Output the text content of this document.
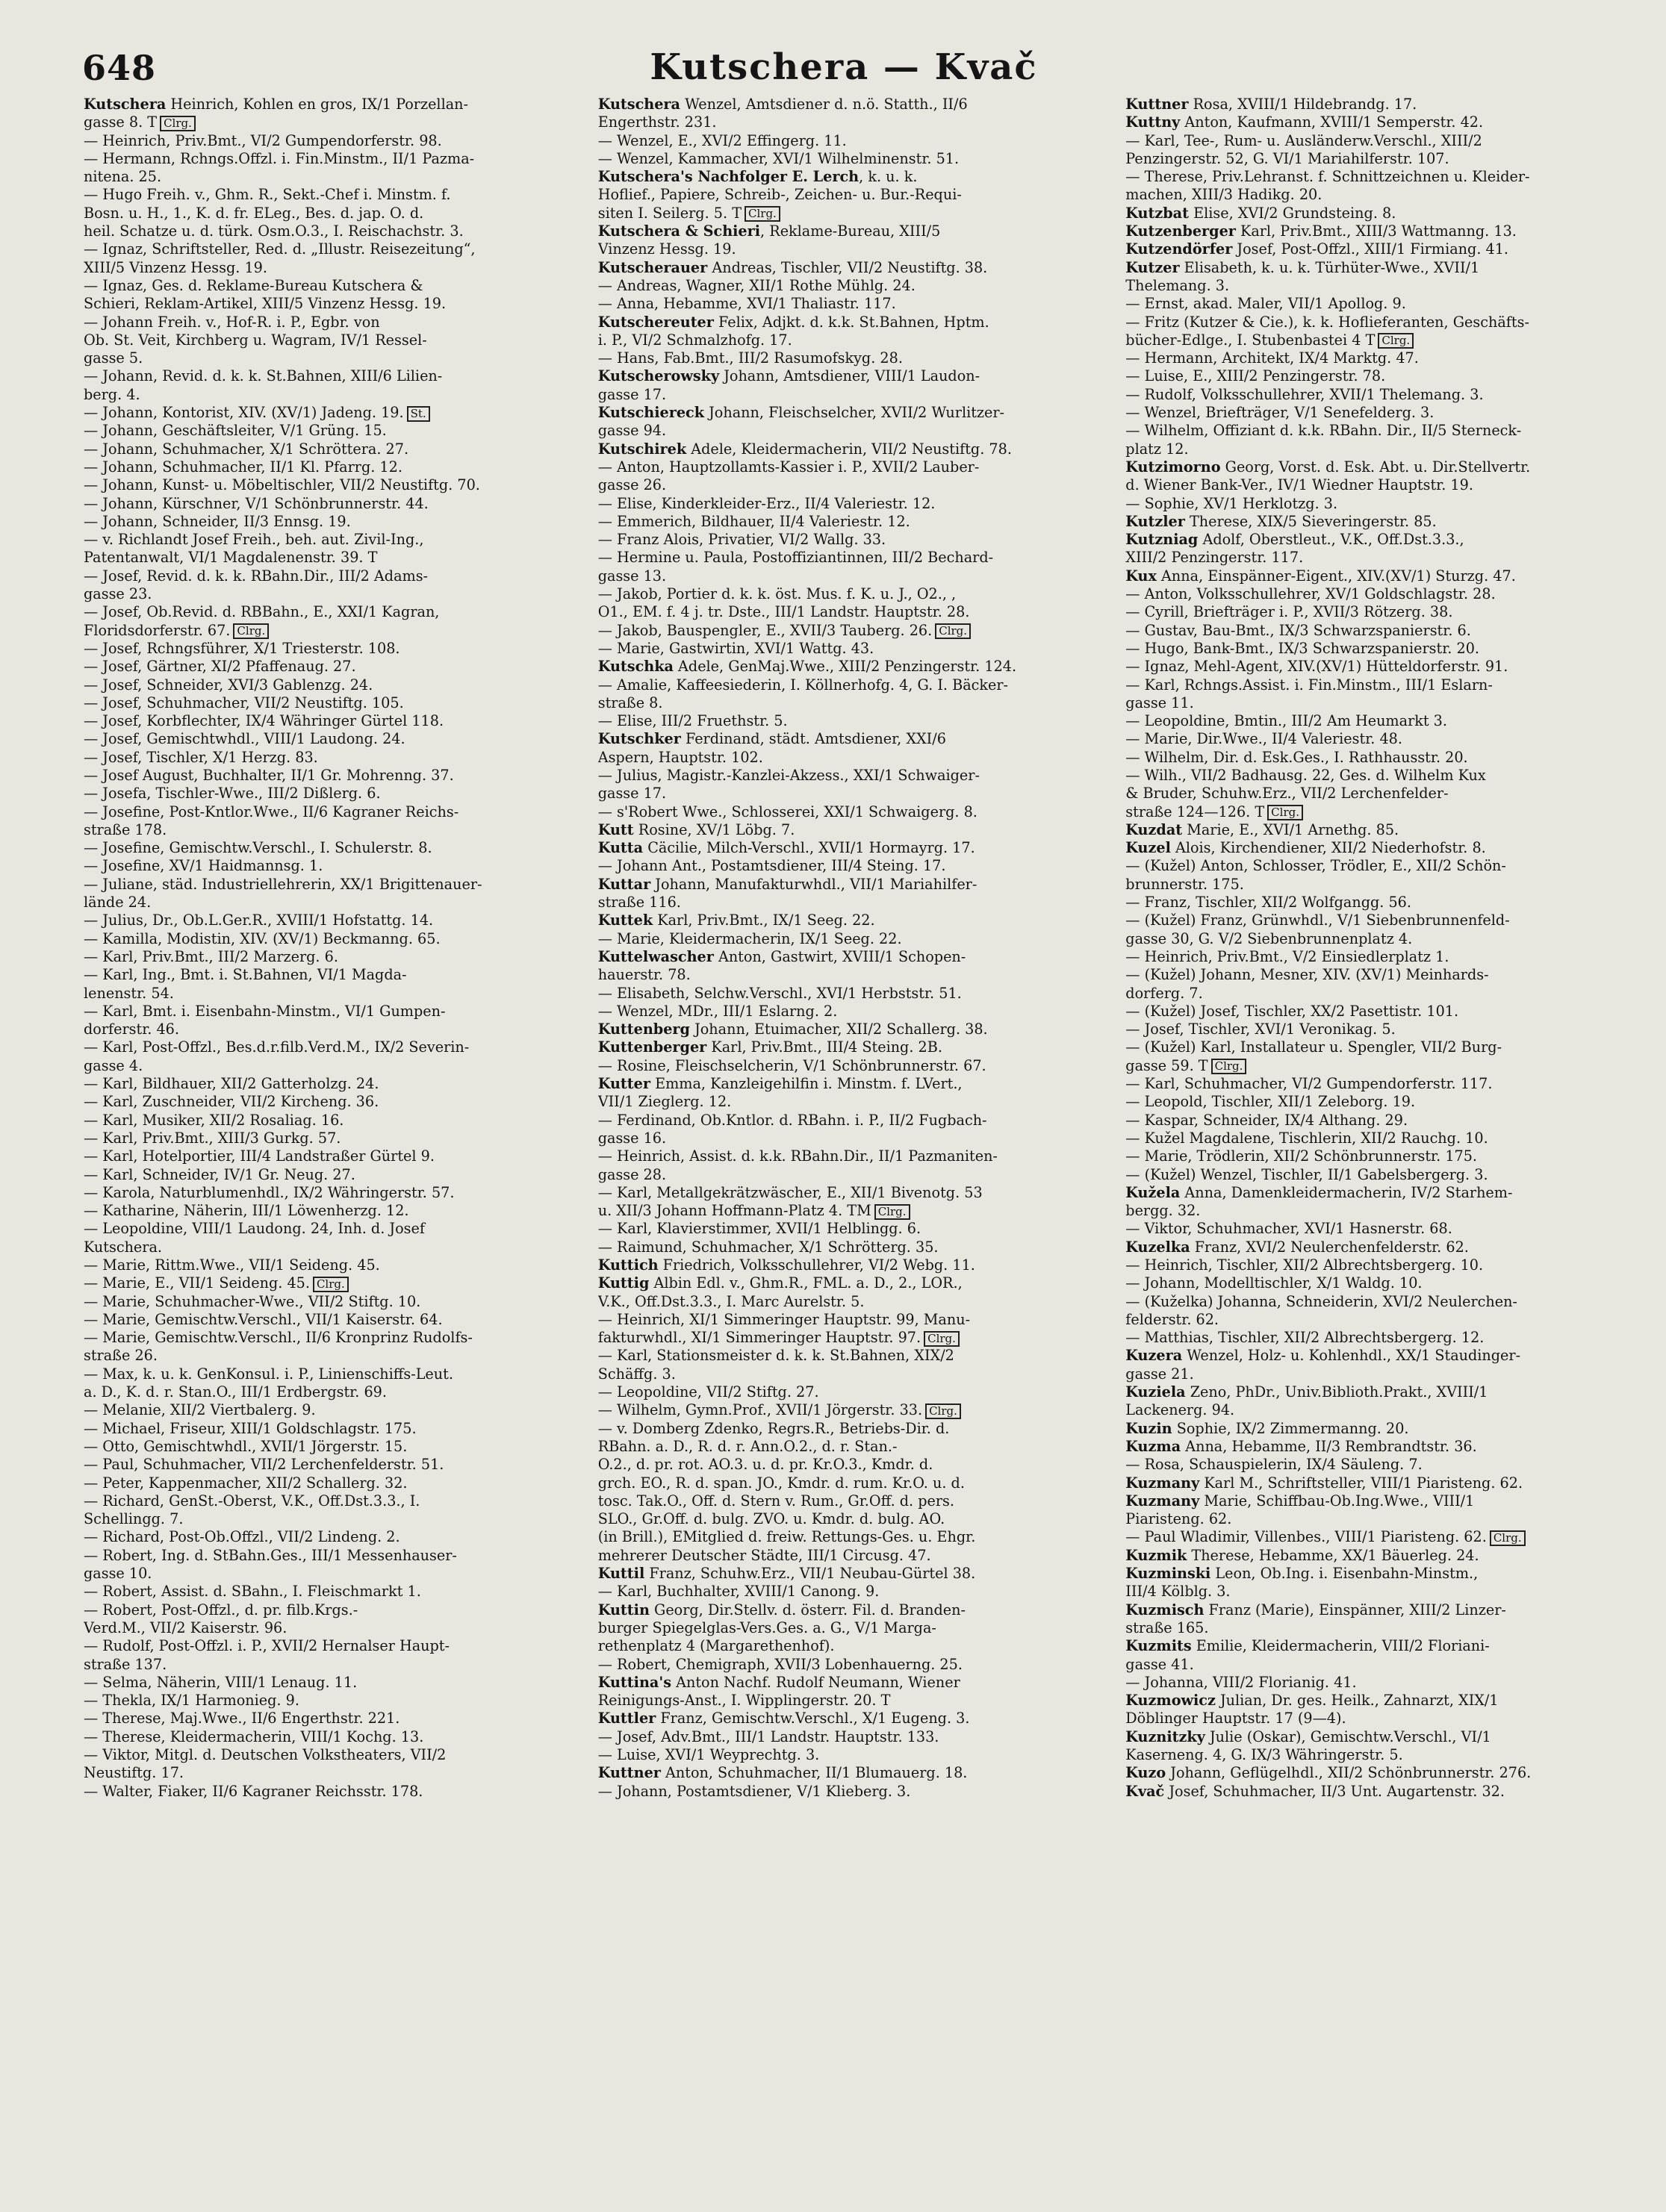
648	Kutschera — Kvač
Kutschera Heinrich, Kohlen en gros, IX/1 Porzellan-
gasse 8. T Clrg.
— Heinrich, Priv.Bmt., VI/2 Gumpendorferstr. 98.
— Hermann, Rchngs.Offzl. i. Fin.Minstm., II/1 Pazma-
nitena. 25.
— Hugo Freih. v., Ghm. R., Sekt.-Chef i. Minstm. f.
Bosn. u. H., 1., K. d. fr. ELeg., Bes. d. jap. O. d.
heil. Schatze u. d. türk. Osm.O.3., I. Reischachstr. 3.
— Ignaz, Schriftsteller, Red. d. „Illustr. Reisezeitung“,
XIII/5 Vinzenz Hessg. 19.
— Ignaz, Ges. d. Reklame-Bureau Kutschera &
Schieri, Reklam-Artikel, XIII/5 Vinzenz Hessg. 19.
— Johann Freih. v., Hof-R. i. P., Egbr. von
Ob. St. Veit, Kirchberg u. Wagram, IV/1 Ressel-
gasse 5.
— Johann, Revid. d. k. k. St.Bahnen, XIII/6 Lilien-
berg. 4.
— Johann, Kontorist, XIV. (XV/1) Jadeng. 19. St.
— Johann, Geschäftsleiter, V/1 Grüng. 15.
— Johann, Schuhmacher, X/1 Schröttera. 27.
— Johann, Schuhmacher, II/1 Kl. Pfarrg. 12.
— Johann, Kunst- u. Möbeltischler, VII/2 Neustiftg. 70.
— Johann, Kürschner, V/1 Schönbrunnerstr. 44.
— Johann, Schneider, II/3 Ennsg. 19.
— v. Richlandt Josef Freih., beh. aut. Zivil-Ing.,
Patentanwalt, VI/1 Magdalenenstr. 39. T
— Josef, Revid. d. k. k. RBahn.Dir., III/2 Adams-
gasse 23.
— Josef, Ob.Revid. d. RBBahn., E., XXI/1 Kagran,
Floridsdorferstr. 67. Clrg.
— Josef, Rchngsführer, X/1 Triesterstr. 108.
— Josef, Gärtner, XI/2 Pfaffenaug. 27.
— Josef, Schneider, XVI/3 Gablenzg. 24.
— Josef, Schuhmacher, VII/2 Neustiftg. 105.
— Josef, Korbflechter, IX/4 Währinger Gürtel 118.
— Josef, Gemischtwhdl., VIII/1 Laudong. 24.
— Josef, Tischler, X/1 Herzg. 83.
— Josef August, Buchhalter, II/1 Gr. Mohrenng. 37.
— Josefa, Tischler-Wwe., III/2 Dißlerg. 6.
— Josefine, Post-Kntlor.Wwe., II/6 Kagraner Reichs-
straße 178.
— Josefine, Gemischtw.Verschl., I. Schulerstr. 8.
— Josefine, XV/1 Haidmannsg. 1.
— Juliane, städ. Industriellehrerin, XX/1 Brigittenauer-
lände 24.
— Julius, Dr., Ob.L.Ger.R., XVIII/1 Hofstattg. 14.
— Kamilla, Modistin, XIV. (XV/1) Beckmanng. 65.
— Karl, Priv.Bmt., III/2 Marzerg. 6.
— Karl, Ing., Bmt. i. St.Bahnen, VI/1 Magda-
lenenstr. 54.
— Karl, Bmt. i. Eisenbahn-Minstm., VI/1 Gumpen-
dorferstr. 46.
— Karl, Post-Offzl., Bes.d.r.filb.Verd.M., IX/2 Severin-
gasse 4.
— Karl, Bildhauer, XII/2 Gatterholzg. 24.
— Karl, Zuschneider, VII/2 Kircheng. 36.
— Karl, Musiker, XII/2 Rosaliag. 16.
— Karl, Priv.Bmt., XIII/3 Gurkg. 57.
— Karl, Hotelportier, III/4 Landstraßer Gürtel 9.
— Karl, Schneider, IV/1 Gr. Neug. 27.
— Karola, Naturblumenhdl., IX/2 Währingerstr. 57.
— Katharine, Näherin, III/1 Löwenherzg. 12.
— Leopoldine, VIII/1 Laudong. 24, Inh. d. Josef
Kutschera.
— Marie, Rittm.Wwe., VII/1 Seideng. 45.
— Marie, E., VII/1 Seideng. 45. Clrg.
— Marie, Schuhmacher-Wwe., VII/2 Stiftg. 10.
— Marie, Gemischtw.Verschl., VII/1 Kaiserstr. 64.
— Marie, Gemischtw.Verschl., II/6 Kronprinz Rudolfs-
straße 26.
— Max, k. u. k. GenKonsul. i. P., Linienschiffs-Leut.
a. D., K. d. r. Stan.O., III/1 Erdbergstr. 69.
— Melanie, XII/2 Viertbalerg. 9.
— Michael, Friseur, XIII/1 Goldschlagstr. 175.
— Otto, Gemischtwhdl., XVII/1 Jörgerstr. 15.
— Paul, Schuhmacher, VII/2 Lerchenfelderstr. 51.
— Peter, Kappenmacher, XII/2 Schallerg. 32.
— Richard, GenSt.-Oberst, V.K., Off.Dst.3.3., I.
Schellingg. 7.
— Richard, Post-Ob.Offzl., VII/2 Lindeng. 2.
— Robert, Ing. d. StBahn.Ges., III/1 Messenhauser-
gasse 10.
— Robert, Assist. d. SBahn., I. Fleischmarkt 1.
— Robert, Post-Offzl., d. pr. filb.Krgs.-
Verd.M., VII/2 Kaiserstr. 96.
— Rudolf, Post-Offzl. i. P., XVII/2 Hernalser Haupt-
straße 137.
— Selma, Näherin, VIII/1 Lenaug. 11.
— Thekla, IX/1 Harmonieg. 9.
— Therese, Maj.Wwe., II/6 Engerthstr. 221.
— Therese, Kleidermacherin, VIII/1 Kochg. 13.
— Viktor, Mitgl. d. Deutschen Volkstheaters, VII/2
Neustiftg. 17.
— Walter, Fiaker, II/6 Kagraner Reichsstr. 178.
Kutschera Wenzel, Amtsdiener d. n.ö. Statth., II/6
Engerthstr. 231.
— Wenzel, E., XVI/2 Effingerg. 11.
— Wenzel, Kammacher, XVI/1 Wilhelminenstr. 51.
Kutschera's Nachfolger E. Lerch, k. u. k.
Hoflief., Papiere, Schreib-, Zeichen- u. Bur.-Requi-
siten I. Seilerg. 5. T Clrg.
Kutschera & Schieri, Reklame-Bureau, XIII/5
Vinzenz Hessg. 19.
Kutscherauer Andreas, Tischler, VII/2 Neustiftg. 38.
— Andreas, Wagner, XII/1 Rothe Mühlg. 24.
— Anna, Hebamme, XVI/1 Thaliastr. 117.
Kutschereuter Felix, Adjkt. d. k.k. St.Bahnen, Hptm.
i. P., VI/2 Schmalzhofg. 17.
— Hans, Fab.Bmt., III/2 Rasumofskyg. 28.
Kutscherowsky Johann, Amtsdiener, VIII/1 Laudon-
gasse 17.
Kutschiereck Johann, Fleischselcher, XVII/2 Wurlitzer-
gasse 94.
Kutschirek Adele, Kleidermacherin, VII/2 Neustiftg. 78.
— Anton, Hauptzollamts-Kassier i. P., XVII/2 Lauber-
gasse 26.
— Elise, Kinderkleider-Erz., II/4 Valeriestr. 12.
— Emmerich, Bildhauer, II/4 Valeriestr. 12.
— Franz Alois, Privatier, VI/2 Wallg. 33.
— Hermine u. Paula, Postoffiziantinnen, III/2 Bechard-
gasse 13.
— Jakob, Portier d. k. k. öst. Mus. f. K. u. J., O2., ,
O1., EM. f. 4 j. tr. Dste., III/1 Landstr. Hauptstr. 28.
— Jakob, Bauspengler, E., XVII/3 Tauberg. 26. Clrg.
— Marie, Gastwirtin, XVI/1 Wattg. 43.
Kutschka Adele, GenMaj.Wwe., XIII/2 Penzingerstr. 124.
— Amalie, Kaffeesiederin, I. Köllnerhofg. 4, G. I. Bäcker-
straße 8.
— Elise, III/2 Fruethstr. 5.
Kutschker Ferdinand, städt. Amtsdiener, XXI/6
Aspern, Hauptstr. 102.
— Julius, Magistr.-Kanzlei-Akzess., XXI/1 Schwaiger-
gasse 17.
— s'Robert Wwe., Schlosserei, XXI/1 Schwaigerg. 8.
Kutt Rosine, XV/1 Löbg. 7.
Kutta Cäcilie, Milch-Verschl., XVII/1 Hormayrg. 17.
— Johann Ant., Postamtsdiener, III/4 Steing. 17.
Kuttar Johann, Manufakturwhdl., VII/1 Mariahilfer-
straße 116.
Kuttek Karl, Priv.Bmt., IX/1 Seeg. 22.
— Marie, Kleidermacherin, IX/1 Seeg. 22.
Kuttelwascher Anton, Gastwirt, XVIII/1 Schopen-
hauerstr. 78.
— Elisabeth, Selchw.Verschl., XVI/1 Herbststr. 51.
— Wenzel, MDr., III/1 Eslarng. 2.
Kuttenberg Johann, Etuimacher, XII/2 Schallerg. 38.
Kuttenberger Karl, Priv.Bmt., III/4 Steing. 2B.
— Rosine, Fleischselcherin, V/1 Schönbrunnerstr. 67.
Kutter Emma, Kanzleigehilfin i. Minstm. f. LVert.,
VII/1 Zieglerg. 12.
— Ferdinand, Ob.Kntlor. d. RBahn. i. P., II/2 Fugbach-
gasse 16.
— Heinrich, Assist. d. k.k. RBahn.Dir., II/1 Pazmaniten-
gasse 28.
— Karl, Metallgekrätzwäscher, E., XII/1 Bivenotg. 53
u. XII/3 Johann Hoffmann-Platz 4. TM Clrg.
— Karl, Klavierstimmer, XVII/1 Helblingg. 6.
— Raimund, Schuhmacher, X/1 Schrötterg. 35.
Kuttich Friedrich, Volksschullehrer, VI/2 Webg. 11.
Kuttig Albin Edl. v., Ghm.R., FML. a. D., 2., LOR.,
V.K., Off.Dst.3.3., I. Marc Aurelstr. 5.
— Heinrich, XI/1 Simmeringer Hauptstr. 99, Manu-
fakturwhdl., XI/1 Simmeringer Hauptstr. 97. Clrg.
— Karl, Stationsmeister d. k. k. St.Bahnen, XIX/2
Schäffg. 3.
— Leopoldine, VII/2 Stiftg. 27.
— Wilhelm, Gymn.Prof., XVII/1 Jörgerstr. 33. Clrg.
— v. Domberg Zdenko, Regrs.R., Betriebs-Dir. d.
RBahn. a. D., R. d. r. Ann.O.2., d. r. Stan.-
O.2., d. pr. rot. AO.3. u. d. pr. Kr.O.3., Kmdr. d.
grch. EO., R. d. span. JO., Kmdr. d. rum. Kr.O. u. d.
tosc. Tak.O., Off. d. Stern v. Rum., Gr.Off. d. pers.
SLO., Gr.Off. d. bulg. ZVO. u. Kmdr. d. bulg. AO.
(in Brill.), EMitglied d. freiw. Rettungs-Ges. u. Ehgr.
mehrerer Deutscher Städte, III/1 Circusg. 47.
Kuttil Franz, Schuhw.Erz., VII/1 Neubau-Gürtel 38.
— Karl, Buchhalter, XVIII/1 Canong. 9.
Kuttin Georg, Dir.Stellv. d. österr. Fil. d. Branden-
burger Spiegelglas-Vers.Ges. a. G., V/1 Marga-
rethenplatz 4 (Margarethenhof).
— Robert, Chemigraph, XVII/3 Lobenhauerng. 25.
Kuttina's Anton Nachf. Rudolf Neumann, Wiener
Reinigungs-Anst., I. Wipplingerstr. 20. T
Kuttler Franz, Gemischtw.Verschl., X/1 Eugeng. 3.
— Josef, Adv.Bmt., III/1 Landstr. Hauptstr. 133.
— Luise, XVI/1 Weyprechtg. 3.
Kuttner Anton, Schuhmacher, II/1 Blumauerg. 18.
— Johann, Postamtsdiener, V/1 Klieberg. 3.
Kuttner Rosa, XVIII/1 Hildebrandg. 17.
Kuttny Anton, Kaufmann, XVIII/1 Semperstr. 42.
— Karl, Tee-, Rum- u. Ausländerw.Verschl., XIII/2
Penzingerstr. 52, G. VI/1 Mariahilferstr. 107.
— Therese, Priv.Lehranst. f. Schnittzeichnen u. Kleider-
machen, XIII/3 Hadikg. 20.
Kutzbat Elise, XVI/2 Grundsteing. 8.
Kutzenberger Karl, Priv.Bmt., XIII/3 Wattmanng. 13.
Kutzendörfer Josef, Post-Offzl., XIII/1 Firmiang. 41.
Kutzer Elisabeth, k. u. k. Türhüter-Wwe., XVII/1
Thelemang. 3.
— Ernst, akad. Maler, VII/1 Apollog. 9.
— Fritz (Kutzer & Cie.), k. k. Hoflieferanten, Geschäfts-
bücher-Edlge., I. Stubenbastei 4 T Clrg.
— Hermann, Architekt, IX/4 Marktg. 47.
— Luise, E., XIII/2 Penzingerstr. 78.
— Rudolf, Volksschullehrer, XVII/1 Thelemang. 3.
— Wenzel, Briefträger, V/1 Senefelderg. 3.
— Wilhelm, Offiziant d. k.k. RBahn. Dir., II/5 Sterneck-
platz 12.
Kutzimorno Georg, Vorst. d. Esk. Abt. u. Dir.Stellvertr.
d. Wiener Bank-Ver., IV/1 Wiedner Hauptstr. 19.
— Sophie, XV/1 Herklotzg. 3.
Kutzler Therese, XIX/5 Sieveringerstr. 85.
Kutzniag Adolf, Oberstleut., V.K., Off.Dst.3.3.,
XIII/2 Penzingerstr. 117.
Kux Anna, Einspänner-Eigent., XIV.(XV/1) Sturzg. 47.
— Anton, Volksschullehrer, XV/1 Goldschlagstr. 28.
— Cyrill, Briefträger i. P., XVII/3 Rötzerg. 38.
— Gustav, Bau-Bmt., IX/3 Schwarzspanierstr. 6.
— Hugo, Bank-Bmt., IX/3 Schwarzspanierstr. 20.
— Ignaz, Mehl-Agent, XIV.(XV/1) Hütteldorferstr. 91.
— Karl, Rchngs.Assist. i. Fin.Minstm., III/1 Eslarn-
gasse 11.
— Leopoldine, Bmtin., III/2 Am Heumarkt 3.
— Marie, Dir.Wwe., II/4 Valeriestr. 48.
— Wilhelm, Dir. d. Esk.Ges., I. Rathhausstr. 20.
— Wilh., VII/2 Badhausg. 22, Ges. d. Wilhelm Kux
& Bruder, Schuhw.Erz., VII/2 Lerchenfelder-
straße 124—126. T Clrg.
Kuzdat Marie, E., XVI/1 Arnethg. 85.
Kuzel Alois, Kirchendiener, XII/2 Niederhofstr. 8.
— (Kužel) Anton, Schlosser, Trödler, E., XII/2 Schön-
brunnerstr. 175.
— Franz, Tischler, XII/2 Wolfgangg. 56.
— (Kužel) Franz, Grünwhdl., V/1 Siebenbrunnenfeld-
gasse 30, G. V/2 Siebenbrunnenplatz 4.
— Heinrich, Priv.Bmt., V/2 Einsiedlerplatz 1.
— (Kužel) Johann, Mesner, XIV. (XV/1) Meinhards-
dorferg. 7.
— (Kužel) Josef, Tischler, XX/2 Pasettistr. 101.
— Josef, Tischler, XVI/1 Veronikag. 5.
— (Kužel) Karl, Installateur u. Spengler, VII/2 Burg-
gasse 59. T Clrg.
— Karl, Schuhmacher, VI/2 Gumpendorferstr. 117.
— Leopold, Tischler, XII/1 Zeleborg. 19.
— Kaspar, Schneider, IX/4 Althang. 29.
— Kužel Magdalene, Tischlerin, XII/2 Rauchg. 10.
— Marie, Trödlerin, XII/2 Schönbrunnerstr. 175.
— (Kužel) Wenzel, Tischler, II/1 Gabelsbergerg. 3.
Kužela Anna, Damenkleidermacherin, IV/2 Starhem-
bergg. 32.
— Viktor, Schuhmacher, XVI/1 Hasnerstr. 68.
Kuzelka Franz, XVI/2 Neulerchenfelderstr. 62.
— Heinrich, Tischler, XII/2 Albrechtsbergerg. 10.
— Johann, Modelltischler, X/1 Waldg. 10.
— (Kuželka) Johanna, Schneiderin, XVI/2 Neulerchen-
felderstr. 62.
— Matthias, Tischler, XII/2 Albrechtsbergerg. 12.
Kuzera Wenzel, Holz- u. Kohlenhdl., XX/1 Staudinger-
gasse 21.
Kuziela Zeno, PhDr., Univ.Biblioth.Prakt., XVIII/1
Lackenerg. 94.
Kuzin Sophie, IX/2 Zimmermanng. 20.
Kuzma Anna, Hebamme, II/3 Rembrandtstr. 36.
— Rosa, Schauspielerin, IX/4 Säuleng. 7.
Kuzmany Karl M., Schriftsteller, VIII/1 Piaristeng. 62.
Kuzmany Marie, Schiffbau-Ob.Ing.Wwe., VIII/1
Piaristeng. 62.
— Paul Wladimir, Villenbes., VIII/1 Piaristeng. 62. Clrg.
Kuzmik Therese, Hebamme, XX/1 Bäuerleg. 24.
Kuzminski Leon, Ob.Ing. i. Eisenbahn-Minstm.,
III/4 Kölblg. 3.
Kuzmisch Franz (Marie), Einspänner, XIII/2 Linzer-
straße 165.
Kuzmits Emilie, Kleidermacherin, VIII/2 Floriani-
gasse 41.
— Johanna, VIII/2 Florianig. 41.
Kuzmowicz Julian, Dr. ges. Heilk., Zahnarzt, XIX/1
Döblinger Hauptstr. 17 (9—4).
Kuznitzky Julie (Oskar), Gemischtw.Verschl., VI/1
Kaserneng. 4, G. IX/3 Währingerstr. 5.
Kuzo Johann, Geflügelhdl., XII/2 Schönbrunnerstr. 276.
Kvač Josef, Schuhmacher, II/3 Unt. Augartenstr. 32.
